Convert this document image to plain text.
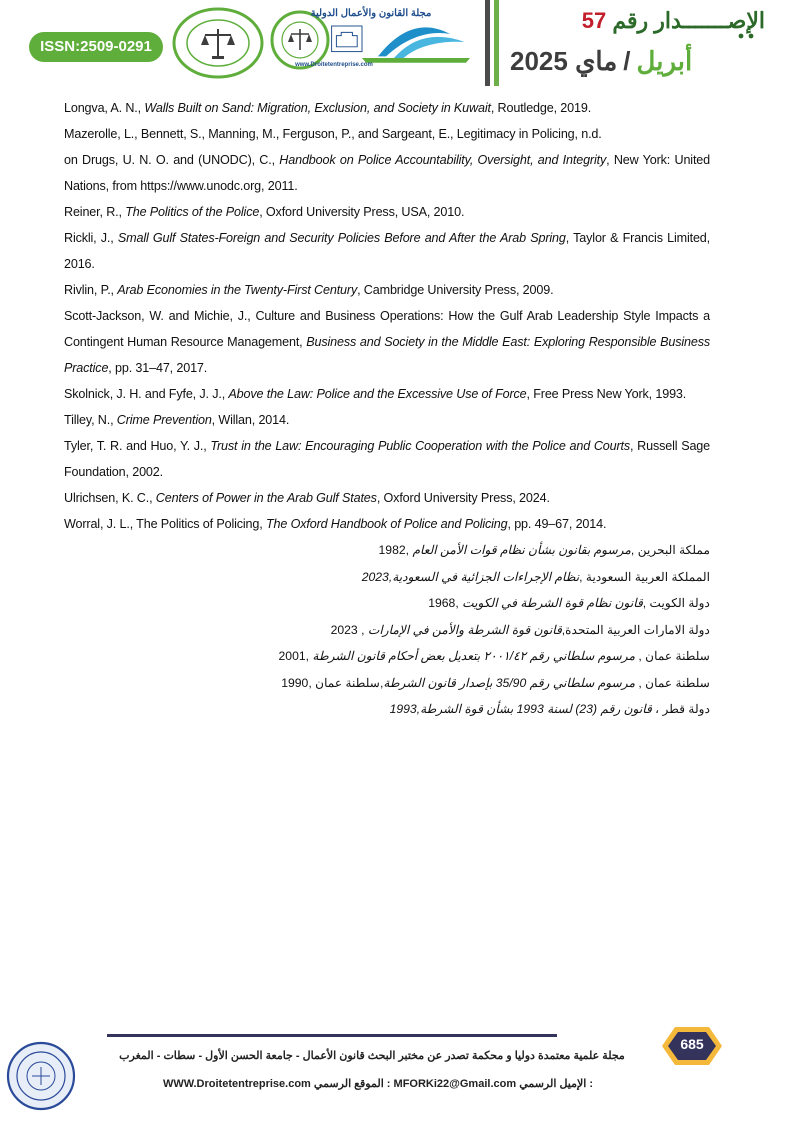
ISSN:2509-0291
مجلة القانون والأعمال الدولية
www.Droitetentreprise.com
الإصـــــــدار رقم 57
أبريل/ماي 2025

Longva, A. N., Walls Built on Sand: Migration, Exclusion, and Society in Kuwait, Routledge, 2019.

Mazerolle, L., Bennett, S., Manning, M., Ferguson, P., and Sargeant, E., Legitimacy in Policing, n.d.

on Drugs, U. N. O. and (UNODC), C., Handbook on Police Accountability, Oversight, and Integrity, New York: United Nations, from https://www.unodc.org, 2011.

Reiner, R., The Politics of the Police, Oxford University Press, USA, 2010.

Rickli, J., Small Gulf States-Foreign and Security Policies Before and After the Arab Spring, Taylor & Francis Limited, 2016.

Rivlin, P., Arab Economies in the Twenty-First Century, Cambridge University Press, 2009.

Scott-Jackson, W. and Michie, J., Culture and Business Operations: How the Gulf Arab Leadership Style Impacts a Contingent Human Resource Management, Business and Society in the Middle East: Exploring Responsible Business Practice, pp. 31–47, 2017.

Skolnick, J. H. and Fyfe, J. J., Above the Law: Police and the Excessive Use of Force, Free Press New York, 1993.

Tilley, N., Crime Prevention, Willan, 2014.

Tyler, T. R. and Huo, Y. J., Trust in the Law: Encouraging Public Cooperation with the Police and Courts, Russell Sage Foundation, 2002.

Ulrichsen, K. C., Centers of Power in the Arab Gulf States, Oxford University Press, 2024.

Worral, J. L., The Politics of Policing, The Oxford Handbook of Police and Policing, pp. 49–67, 2014.

مملكة البحرين ,مرسوم بقانون بشأن نظام قوات الأمن العام ,1982
المملكة العربية السعودية ,نظام الإجراءات الجزائية في السعودية,2023
دولة الكويت ,قانون نظام قوة الشرطة في الكويت ,1968
دولة الامارات العربية المتحدة,قانون قوة الشرطة والأمن في الإمارات , 2023
سلطنة عمان , مرسوم سلطاني رقم ٢٠٠١/٤٢ بتعديل بعض أحكام قانون الشرطة ,2001
سلطنة عمان , مرسوم سلطاني رقم 35/90 بإصدار قانون الشرطة,سلطنة عمان ,1990
دولة قطر ، قانون رقم (23) لسنة 1993 بشأن قوة الشرطة,1993
685
مجلة علمية معتمدة دوليا و محكمة تصدر عن مختبر البحث قانون الأعمال - جامعة الحسن الأول - سطات - المغرب
WWW.Droitetentreprise.com : الموقع الرسمي MFORKi22@Gmail.com : الإميل الرسمي
